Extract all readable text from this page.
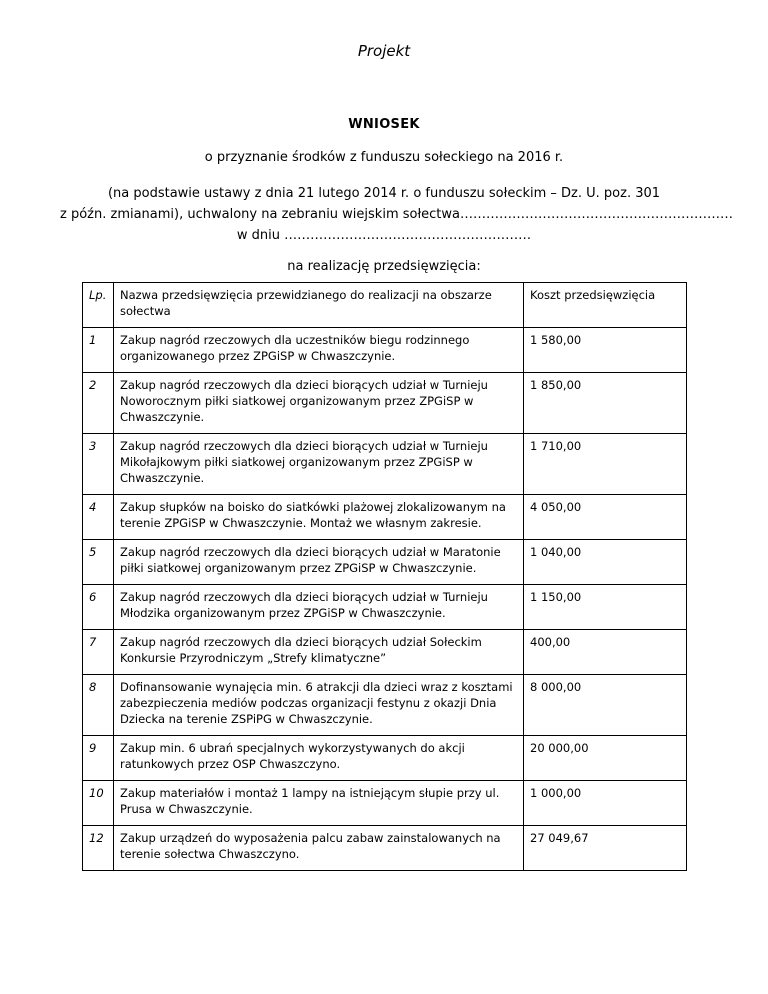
Projekt
WNIOSEK
o przyznanie środków z funduszu sołeckiego na 2016 r.
(na podstawie ustawy z dnia 21 lutego 2014 r. o funduszu sołeckim – Dz. U. poz. 301
z późn. zmianami), uchwalony na zebraniu wiejskim sołectwa………………………………………………………
w dniu …………………………………………………
na realizację przedsięwzięcia:
Lp.	Nazwa przedsięwzięcia przewidzianego do realizacji na obszarze sołectwa	Koszt przedsięwzięcia
1	Zakup nagród rzeczowych dla uczestników biegu rodzinnego organizowanego przez ZPGiSP w Chwaszczynie.	1 580,00
2	Zakup nagród rzeczowych dla dzieci biorących udział w Turnieju Noworocznym piłki siatkowej organizowanym przez ZPGiSP w Chwaszczynie.	1 850,00
3	Zakup nagród rzeczowych dla dzieci biorących udział w Turnieju Mikołajkowym piłki siatkowej organizowanym przez ZPGiSP w Chwaszczynie.	1 710,00
4	Zakup słupków na boisko do siatkówki plażowej zlokalizowanym na terenie ZPGiSP w Chwaszczynie. Montaż we własnym zakresie.	4 050,00
5	Zakup nagród rzeczowych dla dzieci biorących udział w Maratonie piłki siatkowej organizowanym przez ZPGiSP w Chwaszczynie.	1 040,00
6	Zakup nagród rzeczowych dla dzieci biorących udział w Turnieju Młodzika organizowanym przez ZPGiSP w Chwaszczynie.	1 150,00
7	Zakup nagród rzeczowych dla dzieci biorących udział Sołeckim Konkursie Przyrodniczym „Strefy klimatyczne”	400,00
8	Dofinansowanie wynajęcia min. 6 atrakcji dla dzieci wraz z kosztami zabezpieczenia mediów podczas organizacji festynu z okazji Dnia Dziecka na terenie ZSPiPG w Chwaszczynie.	8 000,00
9	Zakup min. 6 ubrań specjalnych wykorzystywanych do akcji ratunkowych przez OSP Chwaszczyno.	20 000,00
10	Zakup materiałów i montaż 1 lampy na istniejącym słupie przy ul. Prusa w Chwaszczynie.	1 000,00
12	Zakup urządzeń do wyposażenia palcu zabaw zainstalowanych na terenie sołectwa Chwaszczyno.	27 049,67
